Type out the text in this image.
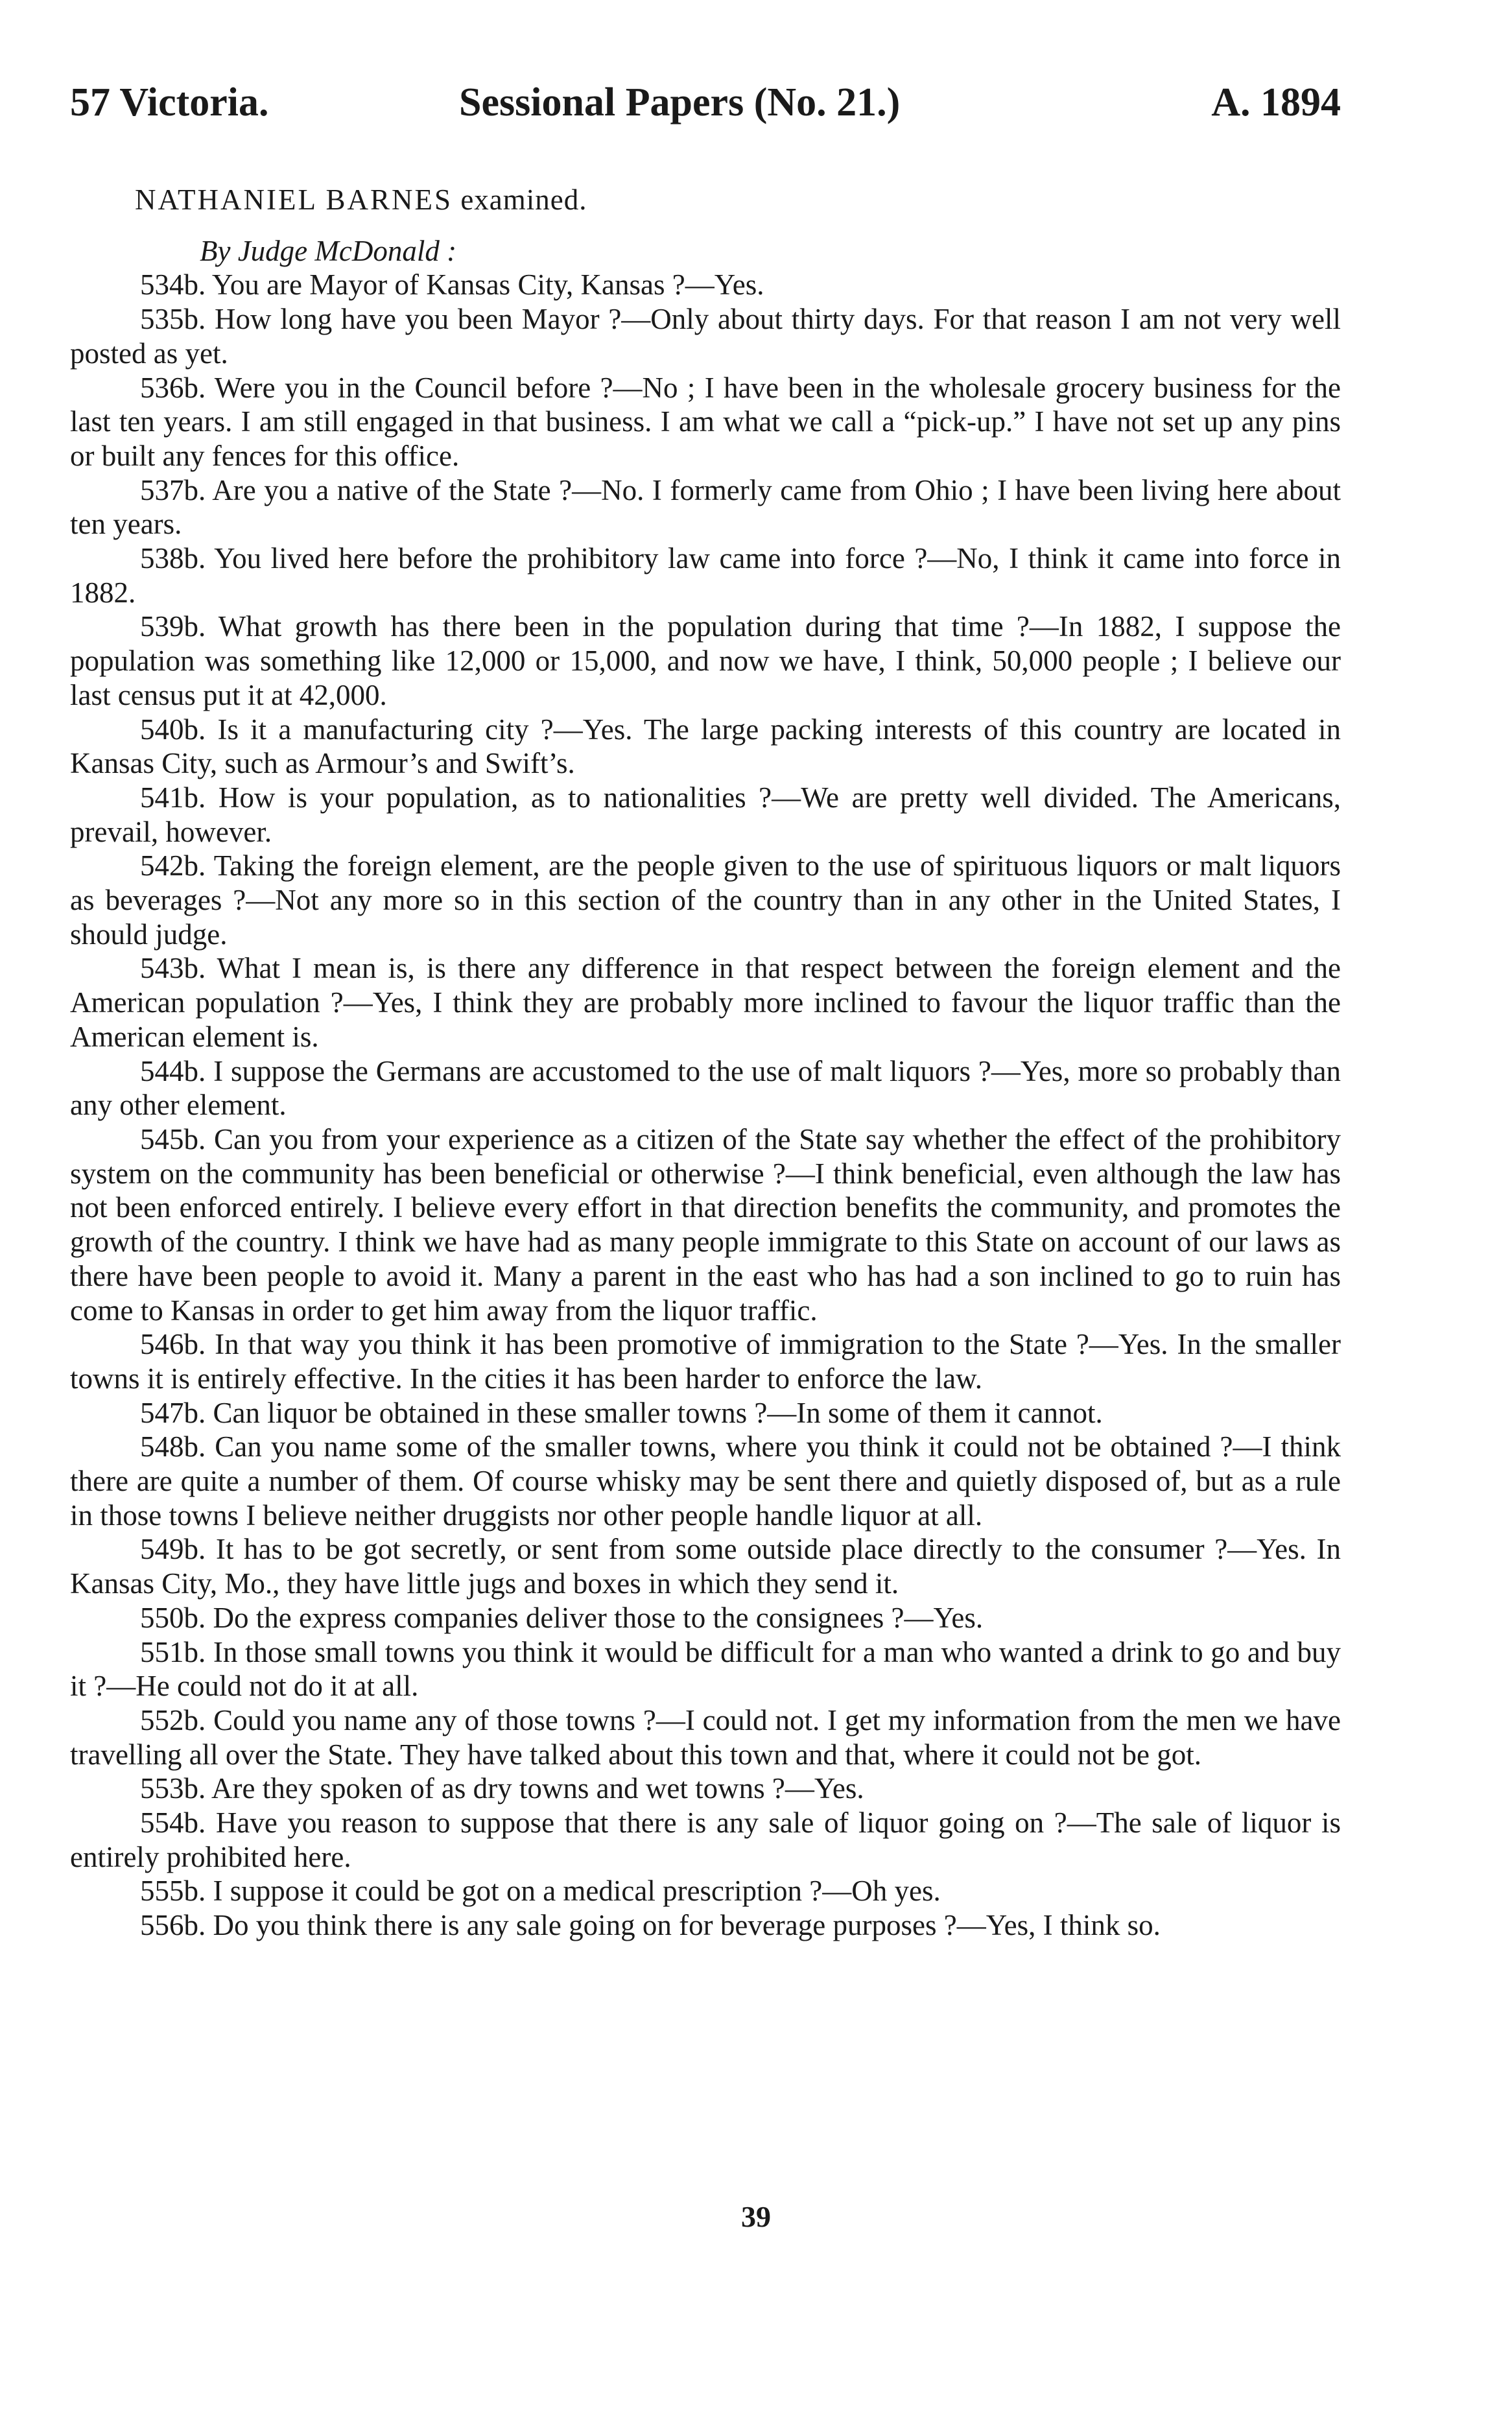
57 Victoria.	Sessional Papers (No. 21.)	A. 1894
NATHANIEL BARNES examined.
By Judge McDonald :

534b. You are Mayor of Kansas City, Kansas ?—Yes.

535b. How long have you been Mayor ?—Only about thirty days. For that reason I am not very well posted as yet.

536b. Were you in the Council before ?—No ; I have been in the wholesale grocery business for the last ten years. I am still engaged in that business. I am what we call a “pick-up.” I have not set up any pins or built any fences for this office.

537b. Are you a native of the State ?—No. I formerly came from Ohio ; I have been living here about ten years.

538b. You lived here before the prohibitory law came into force ?—No, I think it came into force in 1882.

539b. What growth has there been in the population during that time ?—In 1882, I suppose the population was something like 12,000 or 15,000, and now we have, I think, 50,000 people ; I believe our last census put it at 42,000.

540b. Is it a manufacturing city ?—Yes. The large packing interests of this country are located in Kansas City, such as Armour’s and Swift’s.

541b. How is your population, as to nationalities ?—We are pretty well divided. The Americans, prevail, however.

542b. Taking the foreign element, are the people given to the use of spirituous liquors or malt liquors as beverages ?—Not any more so in this section of the country than in any other in the United States, I should judge.

543b. What I mean is, is there any difference in that respect between the foreign element and the American population ?—Yes, I think they are probably more inclined to favour the liquor traffic than the American element is.

544b. I suppose the Germans are accustomed to the use of malt liquors ?—Yes, more so probably than any other element.

545b. Can you from your experience as a citizen of the State say whether the effect of the prohibitory system on the community has been beneficial or otherwise ?—I think beneficial, even although the law has not been enforced entirely. I believe every effort in that direction benefits the community, and promotes the growth of the country. I think we have had as many people immigrate to this State on account of our laws as there have been people to avoid it. Many a parent in the east who has had a son inclined to go to ruin has come to Kansas in order to get him away from the liquor traffic.

546b. In that way you think it has been promotive of immigration to the State ?—Yes. In the smaller towns it is entirely effective. In the cities it has been harder to enforce the law.

547b. Can liquor be obtained in these smaller towns ?—In some of them it cannot.

548b. Can you name some of the smaller towns, where you think it could not be obtained ?—I think there are quite a number of them. Of course whisky may be sent there and quietly disposed of, but as a rule in those towns I believe neither druggists nor other people handle liquor at all.

549b. It has to be got secretly, or sent from some outside place directly to the consumer ?—Yes. In Kansas City, Mo., they have little jugs and boxes in which they send it.

550b. Do the express companies deliver those to the consignees ?—Yes.

551b. In those small towns you think it would be difficult for a man who wanted a drink to go and buy it ?—He could not do it at all.

552b. Could you name any of those towns ?—I could not. I get my information from the men we have travelling all over the State. They have talked about this town and that, where it could not be got.

553b. Are they spoken of as dry towns and wet towns ?—Yes.

554b. Have you reason to suppose that there is any sale of liquor going on ?—The sale of liquor is entirely prohibited here.

555b. I suppose it could be got on a medical prescription ?—Oh yes.

556b. Do you think there is any sale going on for beverage purposes ?—Yes, I think so.

39
